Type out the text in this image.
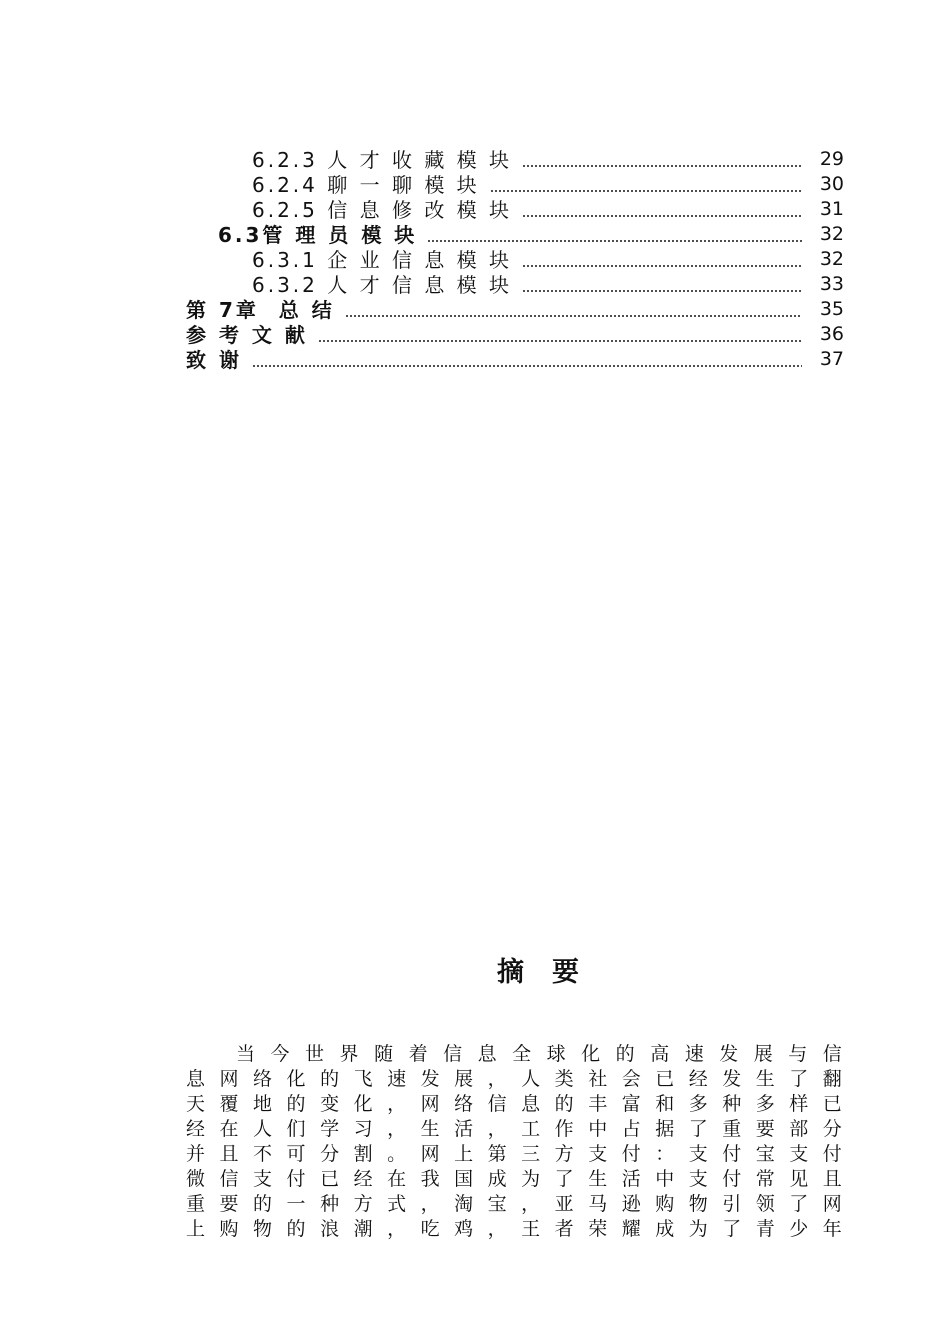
6.2.3 人 才 收 藏 模 块	29
6.2.4 聊 一 聊 模 块	30
6.2.5 信 息 修 改 模 块	31
6.3管 理 员 模 块	32
6.3.1 企 业 信 息 模 块	32
6.3.2 人 才 信 息 模 块	33
第 7章  总 结	35
参 考 文 献	36
致 谢	37
摘要
当 今 世 界 随 着 信 息 全 球 化 的 高 速 发 展 与 信
息 网 络 化 的 飞 速 发 展 ， 人 类 社 会 已 经 发 生 了 翻
天 覆 地 的 变 化 ， 网 络 信 息 的 丰 富 和 多 种 多 样 已
经 在 人 们 学 习 ， 生 活 ， 工 作 中 占 据 了 重 要 部 分
并 且 不 可 分 割 。 网 上 第 三 方 支 付 ： 支 付 宝 支 付
微 信 支 付 已 经 在 我 国 成 为 了 生 活 中 支 付 常 见 且
重 要 的 一 种 方 式 ， 淘 宝 ， 亚 马 逊 购 物 引 领 了 网
上 购 物 的 浪 潮 ， 吃 鸡 ， 王 者 荣 耀 成 为 了 青 少 年
